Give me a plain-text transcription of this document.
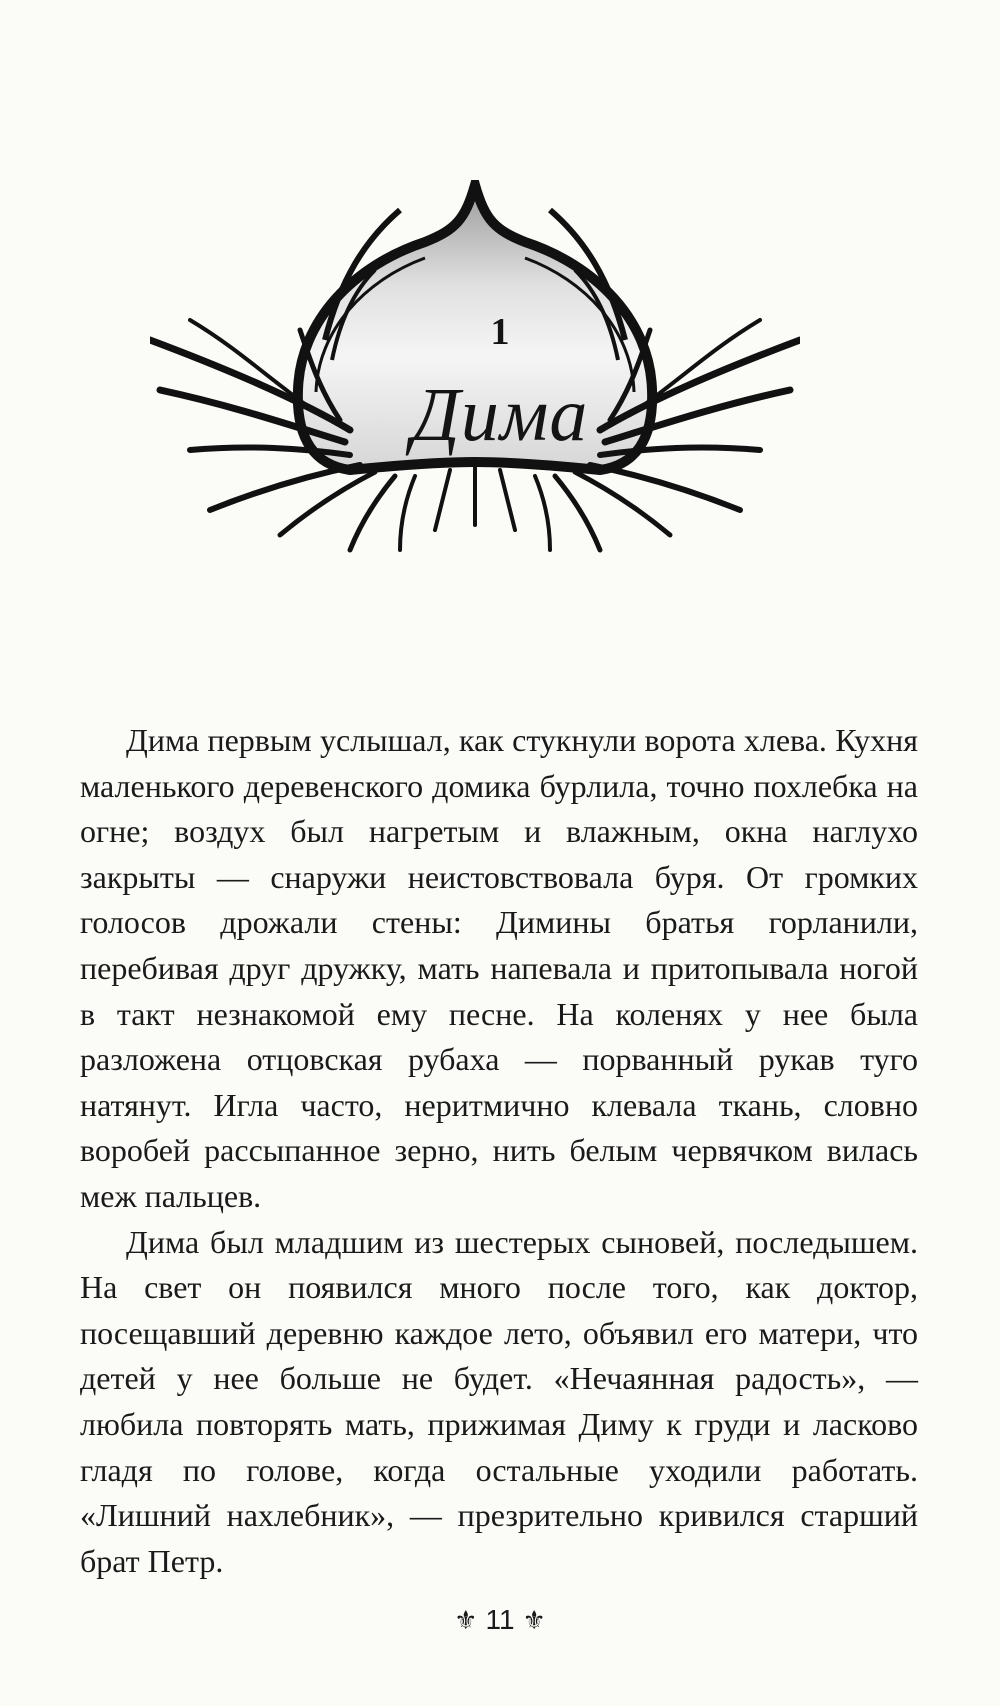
1
Дима

Дима первым услышал, как стукнули ворота хлева. Кухня маленького деревенского домика бурлила, точно похлебка на огне; воздух был нагретым и влажным, окна наглухо закрыты — снаружи неистовствовала буря. От громких голосов дрожали стены: Димины братья горланили, перебивая друг дружку, мать напевала и притопывала ногой в такт незнакомой ему песне. На коленях у нее была разложена отцовская рубаха — порванный рукав туго натянут. Игла часто, неритмично клевала ткань, словно воробей рассыпанное зерно, нить белым червячком вилась меж пальцев.

Дима был младшим из шестерых сыновей, последышем. На свет он появился много после того, как доктор, посещавший деревню каждое лето, объявил его матери, что детей у нее больше не будет. «Нечаянная радость», — любила повторять мать, прижимая Диму к груди и ласково гладя по голове, когда остальные уходили работать. «Лишний нахлебник», — презрительно кривился старший брат Петр.

⚜ 11 ⚜
